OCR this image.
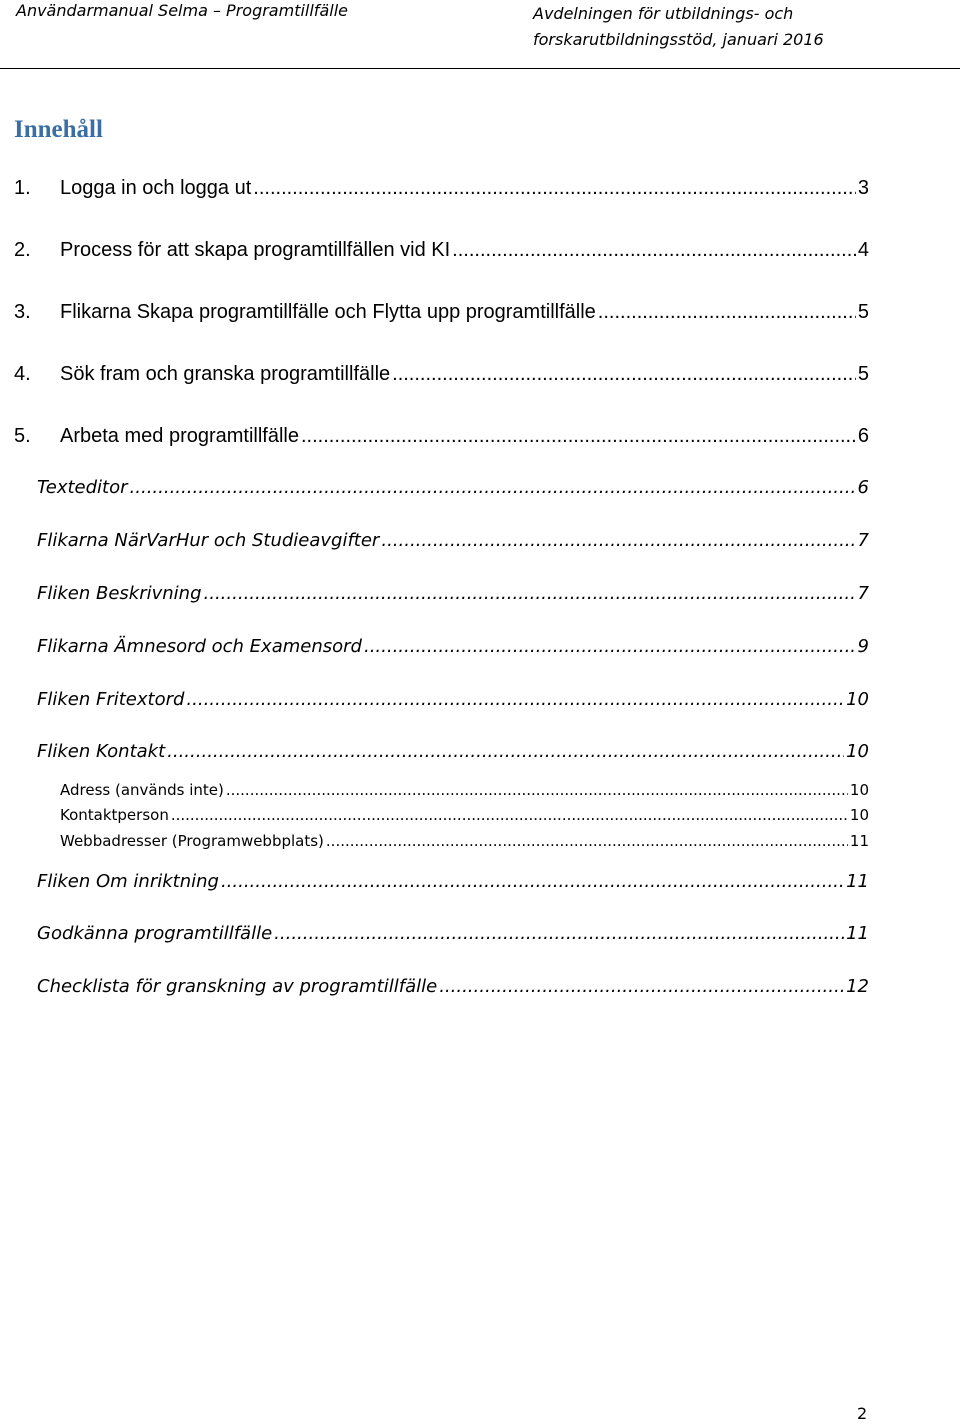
Användarmanual Selma – Programtillfälle	Avdelningen för utbildnings- och
forskarutbildningsstöd, januari 2016
Innehåll
1. Logga in och logga ut .....	3
2. Process för att skapa programtillfällen vid KI .....	4
3. Flikarna Skapa programtillfälle och Flytta upp programtillfälle .....	5
4. Sök fram och granska programtillfälle .....	5
5. Arbeta med programtillfälle .....	6
Texteditor .....	6
Flikarna NärVarHur och Studieavgifter .....	7
Fliken Beskrivning .....	7
Flikarna Ämnesord och Examensord .....	9
Fliken Fritextord .....	10
Fliken Kontakt .....	10
Adress (används inte) .....	10
Kontaktperson .....	10
Webbadresser (Programwebbplats) .....	11
Fliken Om inriktning .....	11
Godkänna programtillfälle .....	11
Checklista för granskning av programtillfälle .....	12
2
